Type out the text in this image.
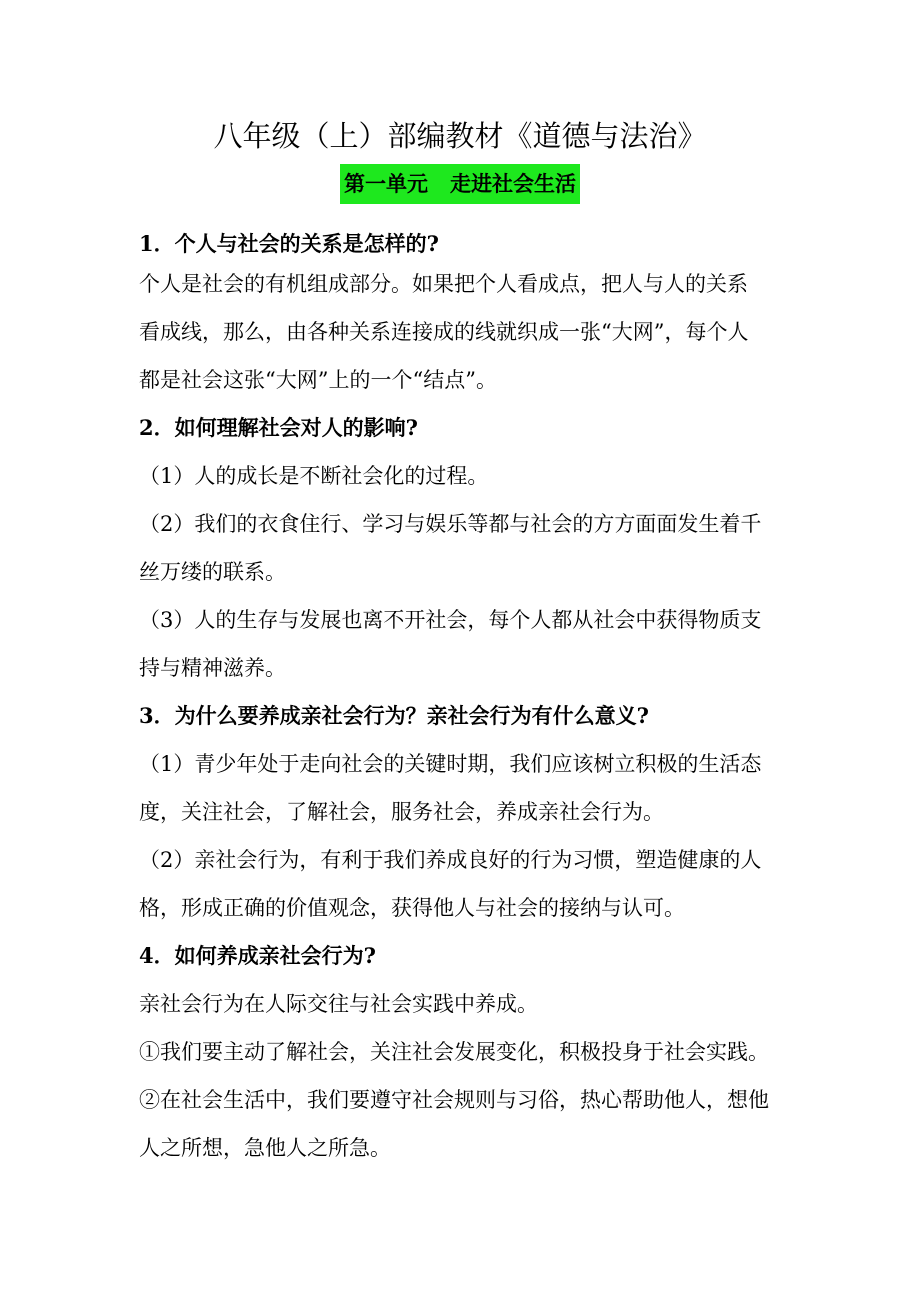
八年级（上）部编教材《道德与法治》
第一单元   走进社会生活
1．个人与社会的关系是怎样的?
个人是社会的有机组成部分。如果把个人看成点，把人与人的关系
看成线，那么，由各种关系连接成的线就织成一张“大网”，每个人
都是社会这张“大网”上的一个“结点”。
2．如何理解社会对人的影响?
（1）人的成长是不断社会化的过程。
（2）我们的衣食住行、学习与娱乐等都与社会的方方面面发生着千
丝万缕的联系。
（3）人的生存与发展也离不开社会，每个人都从社会中获得物质支
持与精神滋养。
3．为什么要养成亲社会行为？亲社会行为有什么意义?
（1）青少年处于走向社会的关键时期，我们应该树立积极的生活态
度，关注社会，了解社会，服务社会，养成亲社会行为。
（2）亲社会行为，有利于我们养成良好的行为习惯，塑造健康的人
格，形成正确的价值观念，获得他人与社会的接纳与认可。
4．如何养成亲社会行为?
亲社会行为在人际交往与社会实践中养成。
①我们要主动了解社会，关注社会发展变化，积极投身于社会实践。
②在社会生活中，我们要遵守社会规则与习俗，热心帮助他人，想他
人之所想，急他人之所急。
